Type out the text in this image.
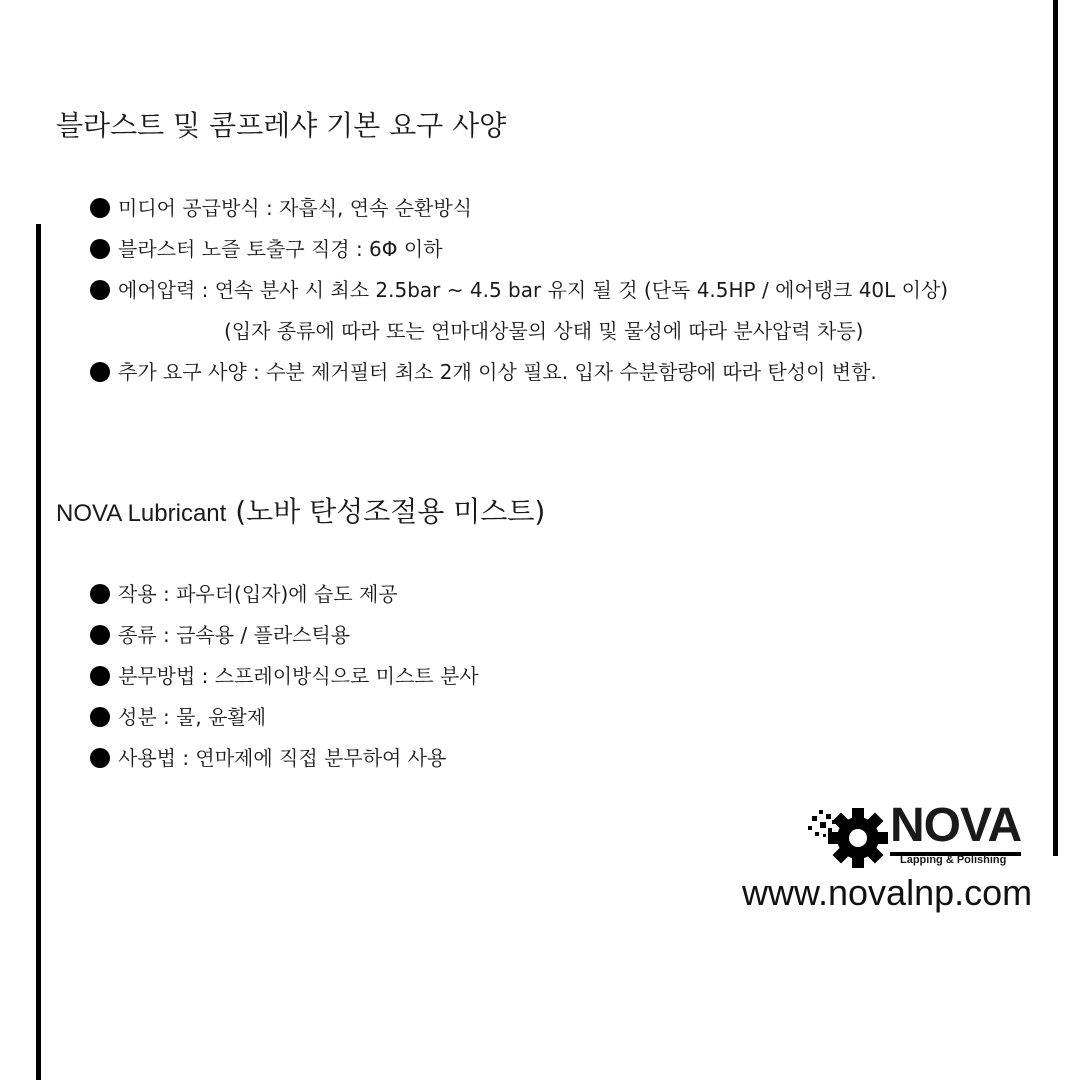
블라스트 및 콤프레샤 기본 요구 사양
미디어 공급방식 : 자흡식, 연속 순환방식
블라스터 노즐 토출구 직경 : 6Φ 이하
에어압력 : 연속 분사 시 최소 2.5bar ~ 4.5 bar 유지 될 것 (단독 4.5HP / 에어탱크 40L 이상)
(입자 종류에 따라 또는 연마대상물의 상태 및 물성에 따라 분사압력 차등)
추가 요구 사양 : 수분 제거필터 최소 2개 이상 필요. 입자 수분함량에 따라 탄성이 변함.
NOVA Lubricant (노바 탄성조절용 미스트)
작용 : 파우더(입자)에 습도 제공
종류 : 금속용 / 플라스틱용
분무방법 : 스프레이방식으로 미스트 분사
성분 : 물, 윤활제
사용법 : 연마제에 직접 분무하여 사용
NOVA
Lapping & Polishing
www.novalnp.com
